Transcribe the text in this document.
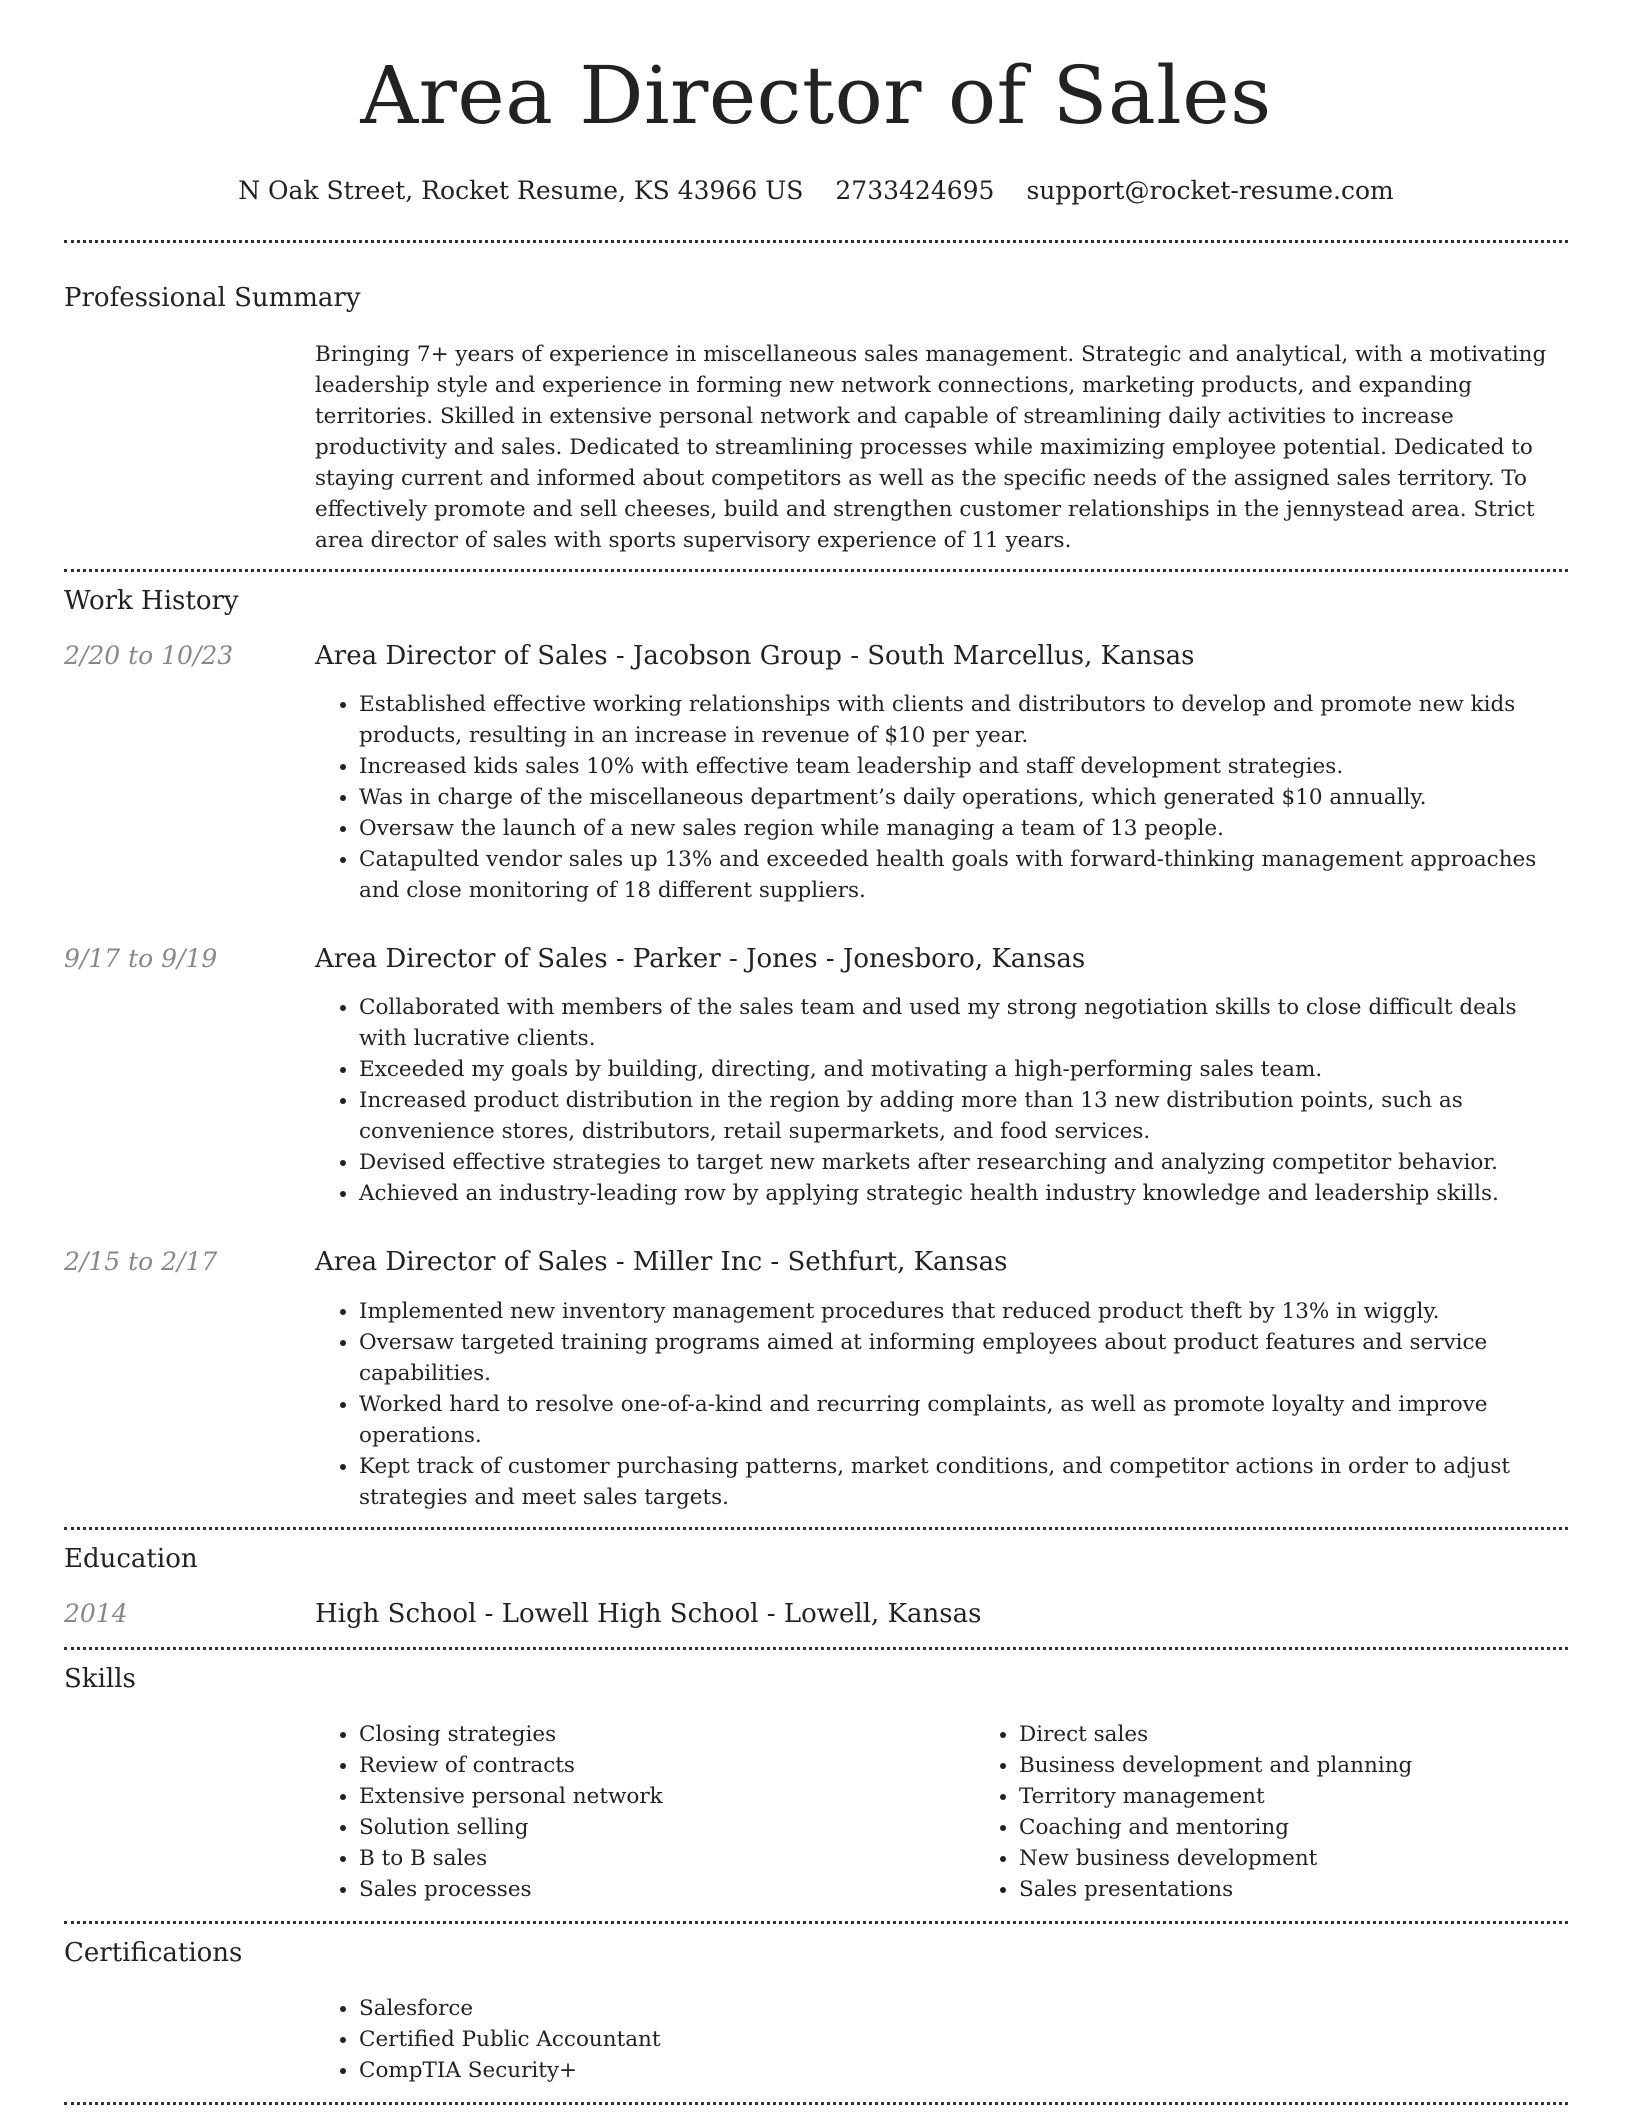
Area Director of Sales
N Oak Street, Rocket Resume, KS 43966 US 2733424695 support@rocket-resume.com
Professional Summary

Bringing 7+ years of experience in miscellaneous sales management. Strategic and analytical, with a motivating leadership style and experience in forming new network connections, marketing products, and expanding territories. Skilled in extensive personal network and capable of streamlining daily activities to increase productivity and sales. Dedicated to streamlining processes while maximizing employee potential. Dedicated to staying current and informed about competitors as well as the specific needs of the assigned sales territory. To effectively promote and sell cheeses, build and strengthen customer relationships in the jennystead area. Strict area director of sales with sports supervisory experience of 11 years.

Work History
2/20 to 10/23	Area Director of Sales - Jacobson Group - South Marcellus, Kansas
• Established effective working relationships with clients and distributors to develop and promote new kids products, resulting in an increase in revenue of $10 per year.
• Increased kids sales 10% with effective team leadership and staff development strategies.
• Was in charge of the miscellaneous department’s daily operations, which generated $10 annually.
• Oversaw the launch of a new sales region while managing a team of 13 people.
• Catapulted vendor sales up 13% and exceeded health goals with forward-thinking management approaches and close monitoring of 18 different suppliers.
9/17 to 9/19	Area Director of Sales - Parker - Jones - Jonesboro, Kansas
• Collaborated with members of the sales team and used my strong negotiation skills to close difficult deals with lucrative clients.
• Exceeded my goals by building, directing, and motivating a high-performing sales team.
• Increased product distribution in the region by adding more than 13 new distribution points, such as convenience stores, distributors, retail supermarkets, and food services.
• Devised effective strategies to target new markets after researching and analyzing competitor behavior.
• Achieved an industry-leading row by applying strategic health industry knowledge and leadership skills.
2/15 to 2/17	Area Director of Sales - Miller Inc - Sethfurt, Kansas
• Implemented new inventory management procedures that reduced product theft by 13% in wiggly.
• Oversaw targeted training programs aimed at informing employees about product features and service capabilities.
• Worked hard to resolve one-of-a-kind and recurring complaints, as well as promote loyalty and improve operations.
• Kept track of customer purchasing patterns, market conditions, and competitor actions in order to adjust strategies and meet sales targets.
Education
2014	High School - Lowell High School - Lowell, Kansas
Skills
• Closing strategies
• Review of contracts
• Extensive personal network
• Solution selling
• B to B sales
• Sales processes
• Direct sales
• Business development and planning
• Territory management
• Coaching and mentoring
• New business development
• Sales presentations
Certifications
• Salesforce
• Certified Public Accountant
• CompTIA Security+
